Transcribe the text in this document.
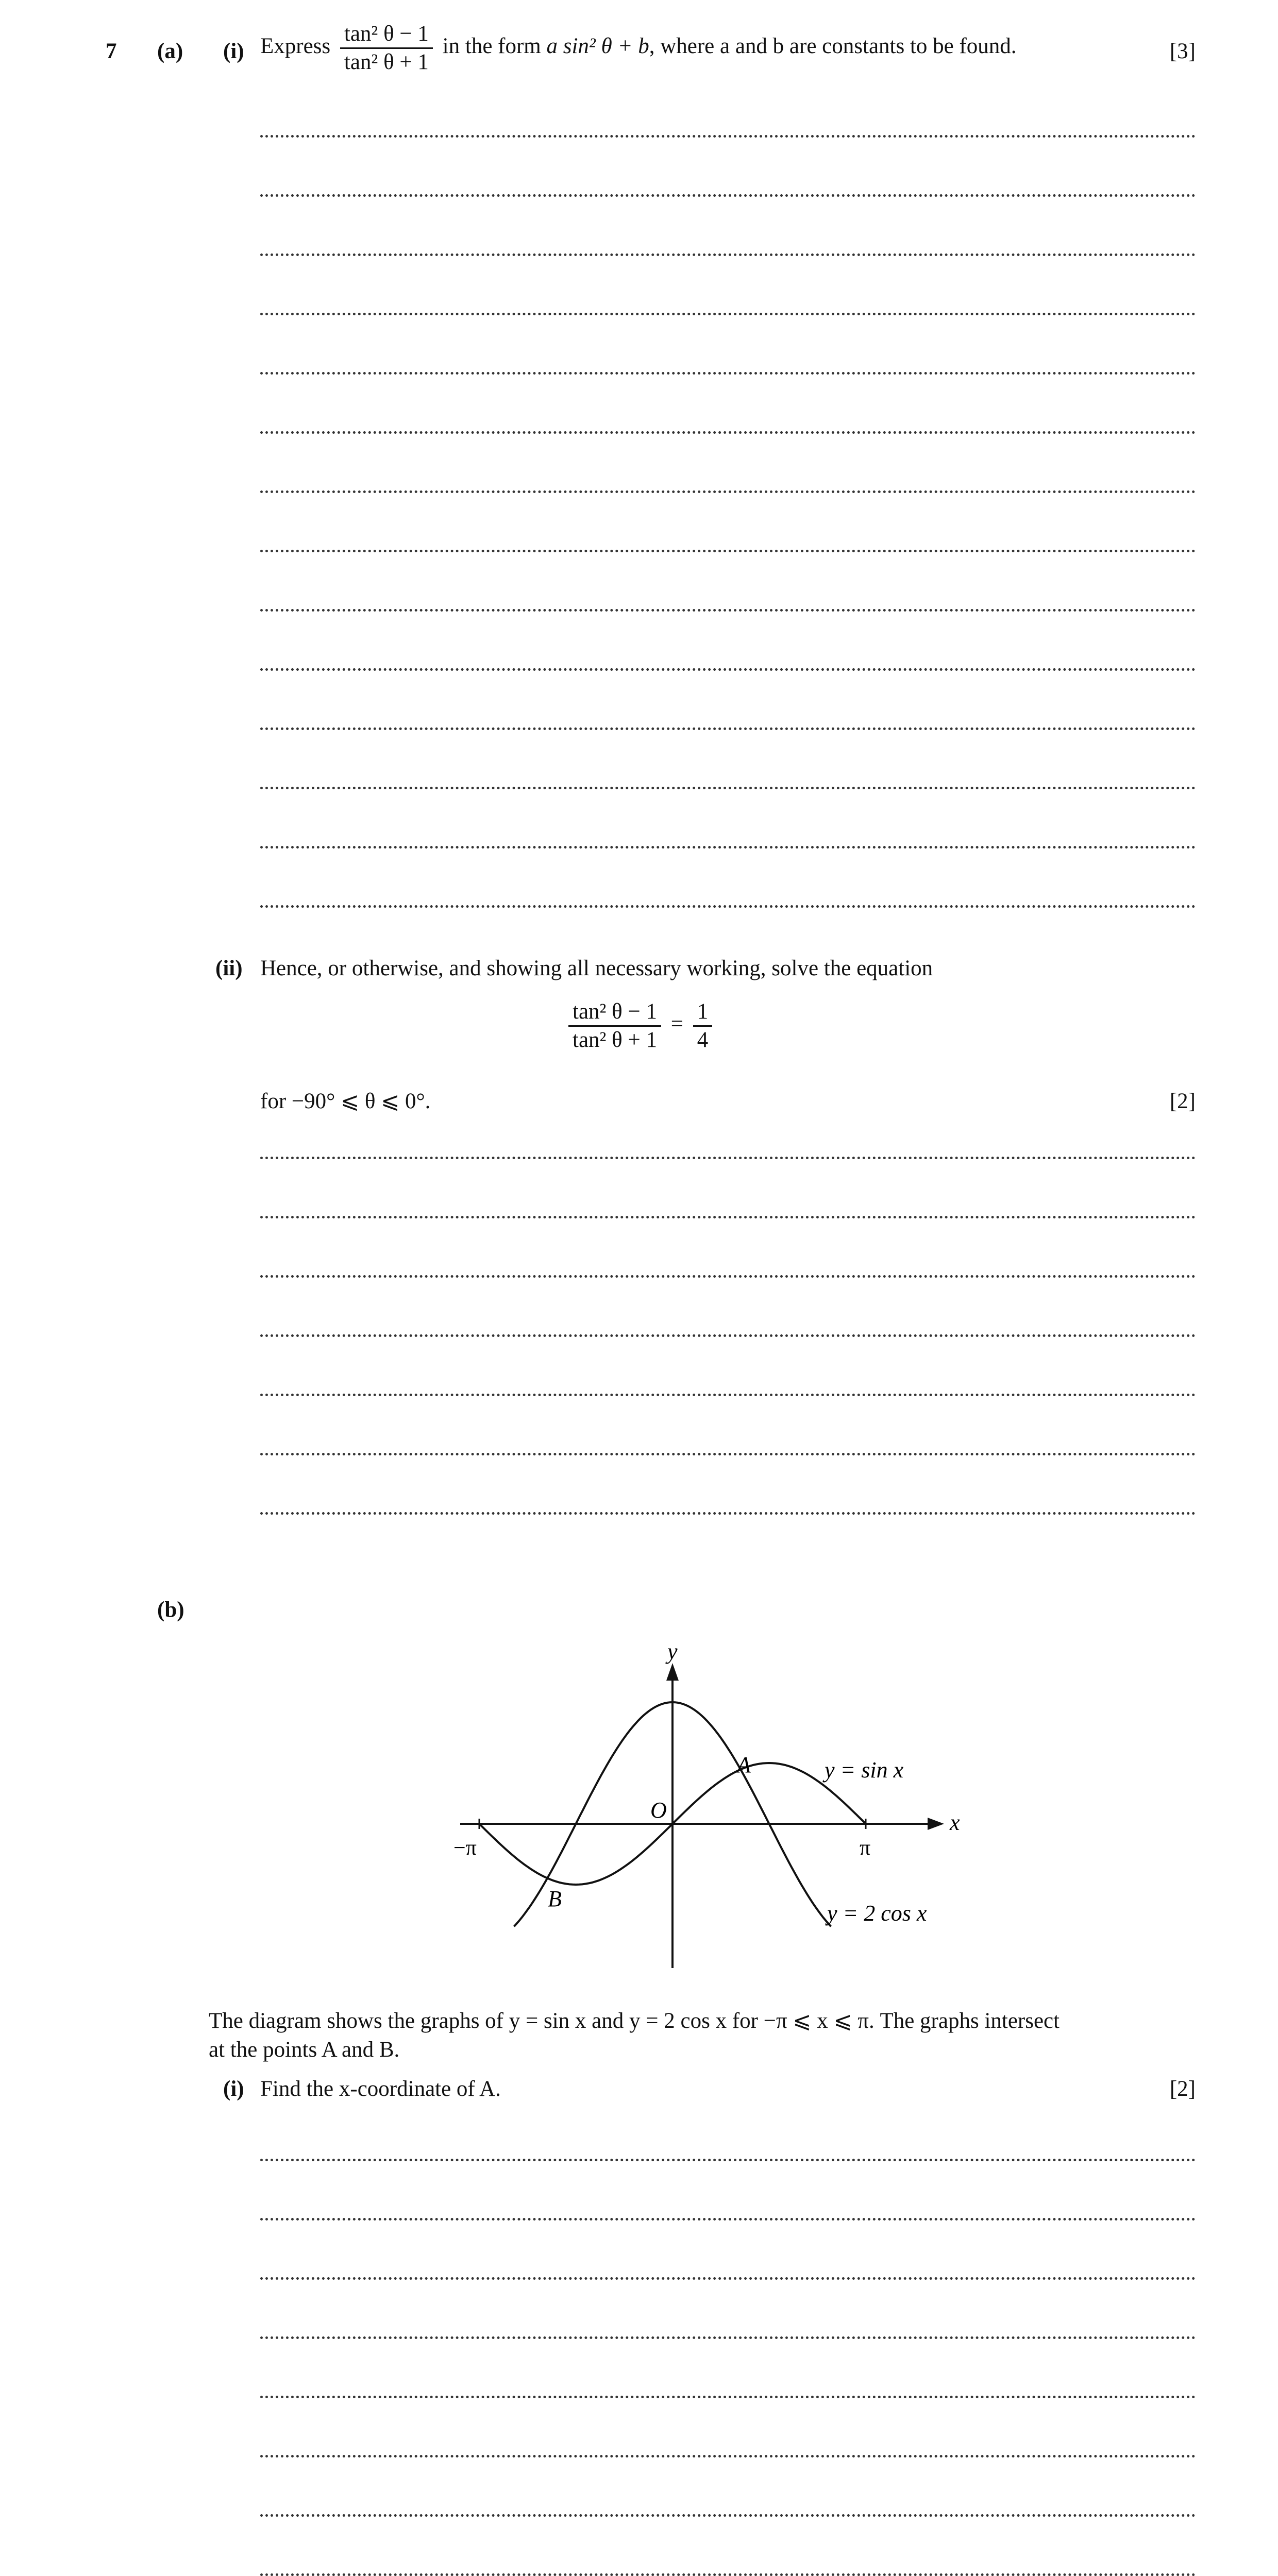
7 (a) (i) Express $\frac{\text{tan² θ − 1}}{\text{tan² θ + 1}}$ in the form a sin² θ + b, where a and b are constants to be found.	[3]
(ii) Hence, or otherwise, and showing all necessary working, solve the equation
$\frac{\text{tan² θ − 1}}{\text{tan² θ + 1}} = \frac{1}{4}$
for −90° ⩽ θ ⩽ 0°.	[2]
(b)
y
x
O
−π	π
A
B
y = sin x
y = 2 cos x
The diagram shows the graphs of y = sin x and y = 2 cos x for −π ⩽ x ⩽ π. The graphs intersect
at the points A and B.
(i) Find the x-coordinate of A.	[2]
